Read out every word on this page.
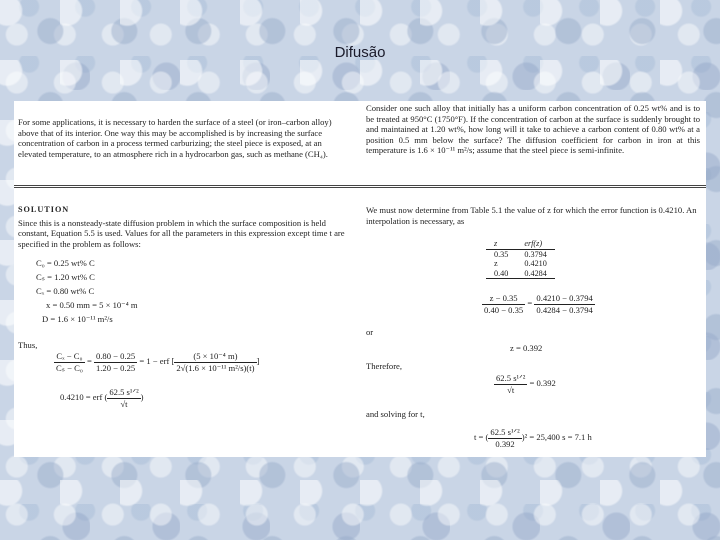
Difusão
For some applications, it is necessary to harden the surface of a steel (or iron–carbon alloy) above that of its interior. One way this may be accomplished is by increasing the surface concentration of carbon in a process termed carburizing; the steel piece is exposed, at an elevated temperature, to an atmosphere rich in a hydrocarbon gas, such as methane (CH₄).
Consider one such alloy that initially has a uniform carbon concentration of 0.25 wt% and is to be treated at 950°C (1750°F). If the concentration of carbon at the surface is suddenly brought to and maintained at 1.20 wt%, how long will it take to achieve a carbon content of 0.80 wt% at a position 0.5 mm below the surface? The diffusion coefficient for carbon in iron at this temperature is 1.6 × 10⁻¹¹ m²/s; assume that the steel piece is semi-infinite.
SOLUTION

Since this is a nonsteady-state diffusion problem in which the surface composition is held constant, Equation 5.5 is used. Values for all the parameters in this expression except time t are specified in the problem as follows:

C₀ = 0.25 wt% C
Cₛ = 1.20 wt% C
Cₓ = 0.80 wt% C
x = 0.50 mm = 5 × 10⁻⁴ m
D = 1.6 × 10⁻¹¹ m²/s
Thus,
$\frac{\text{Cₓ − C₀}}{\text{Cₛ − C₀}} = \frac{0.80 - 0.25}{1.20 - 0.25} = 1$ − erf [ $\frac{\text{(5 × 10⁻⁴ m)}}{\text{2√(1.6 × 10⁻¹¹ m²/s)(t)}}$ ]
0.4210 = erf ( $\frac{\text{62.5 s¹ᐟ²}}{√t}$ )
We must now determine from Table 5.1 the value of z for which the error function is 0.4210. An interpolation is necessary, as
z	erf(z)
0.35	0.3794
z	0.4210
0.40	0.4284
$\frac{z - 0.35}{0.40 - 0.35} = \frac{0.4210 - 0.3794}{0.4284 - 0.3794}$
or
z = 0.392
Therefore,
$\frac{\text{62.5 s¹ᐟ²}}{√t} = 0.392$
and solving for t,
t = ( $\frac{\text{62.5 s¹ᐟ²}}{0.392} )^2 = 25,400$ s = 7.1 h
